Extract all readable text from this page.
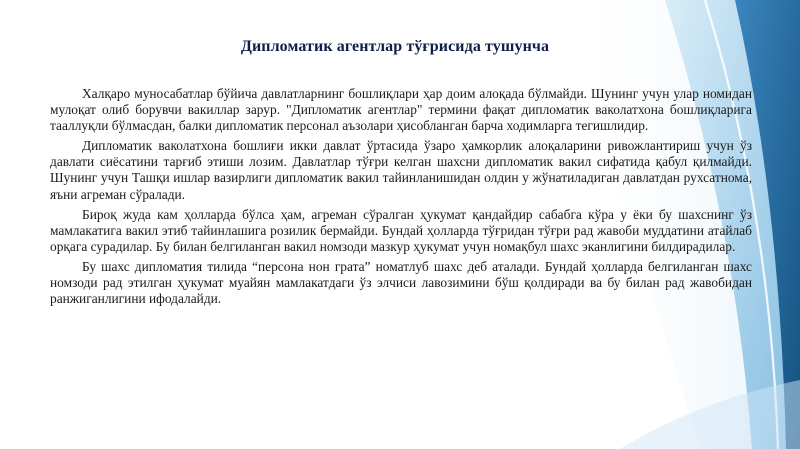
Дипломатик агентлар тўғрисида тушунча

Халқаро муносабатлар бўйича давлатларнинг бошлиқлари ҳар доим алоқада бўлмайди. Шунинг учун улар номидан мулоқат олиб борувчи вакиллар зарур. "Дипломатик агентлар" термини фақат дипломатик ваколатхона бошлиқларига тааллуқли бўлмасдан, балки дипломатик персонал аъзолари ҳисобланган барча ходимларга тегишлидир.

Дипломатик ваколатхона бошлиғи икки давлат ўртасида ўзаро ҳамкорлик алоқаларини ривожлантириш учун ўз давлати сиёсатини тарғиб этиши лозим. Давлатлар тўғри келган шахсни дипломатик вакил сифатида қабул қилмайди. Шунинг учун Ташқи ишлар вазирлиги дипломатик вакил тайинланишидан олдин у жўнатиладиган давлатдан рухсатнома, яъни агреман сўралади.

Бироқ жуда кам ҳолларда бўлса ҳам, агреман сўралган ҳукумат қандайдир сабабга кўра у ёки бу шахснинг ўз мамлакатига вакил этиб тайинлашига розилик бермайди. Бундай ҳолларда тўғридан тўғри рад жавоби муддатини атайлаб орқага сурадилар. Бу билан белгиланган вакил номзоди мазкур ҳукумат учун номақбул шахс эканлигини билдирадилар.

Бу шахс дипломатия тилида “персона нон грата” номатлуб шахс деб аталади. Бундай ҳолларда белгиланган шахс номзоди рад этилган ҳукумат муайян мамлакатдаги ўз элчиси лавозимини бўш қолдиради ва бу билан рад жавобидан ранжиганлигини ифодалайди.
